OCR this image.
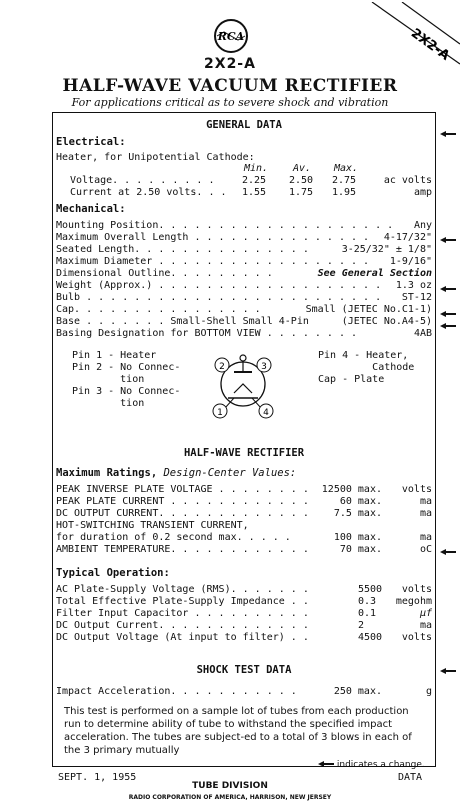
2X2-A
RCA
2X2-A
HALF-WAVE VACUUM RECTIFIER
For applications critical as to severe shock and vibration
GENERAL DATA
Electrical:
Heater, for Unipotential Cathode:
Min. Av. Max.
Voltage. . . . . . . . .	2.25 2.50 2.75	ac volts
Current at 2.50 volts. . . 1.55 1.75 1.95	amp
Mechanical:
Mounting Position. . . . . . . . . . . . . . . . . . . . Any
Maximum Overall Length . . . . . . . . . . . . . . . 4-17/32"
Seated Length. . . . . . . . . . . . . . .	3-25/32" ± 1/8"
Maximum Diameter . . . . . . . . . . . . . . . . . . 1-9/16"
Dimensional Outline. . . . . . . . .	See General Section
Weight (Approx.) . . . . . . . . . . . . . . . . . . . 1.3 oz
Bulb . . . . . . . . . . . . . . . . . . . . . . . . . ST-12
Cap. . . . . . . . . . . . . . . .	Small (JETEC No.C1-1)
Base . . . . . . . Small-Shell Small 4-Pin	(JETEC No.A4-5)
Basing Designation for BOTTOM VIEW . . . . . . . .	4AB
Pin 1 - Heater
Pin 2 - No Connec-
tion
Pin 3 - No Connec-
tion
Pin 4 - Heater,
Cathode
Cap - Plate
2	3
1	4
HALF-WAVE RECTIFIER
Maximum Ratings, Design-Center Values:
PEAK INVERSE PLATE VOLTAGE . . . . . . . . 12500 max. volts
PEAK PLATE CURRENT . . . . . . . . . . . .	60 max.	ma
DC OUTPUT CURRENT. . . . . . . . . . . . . 7.5 max.	ma
HOT-SWITCHING TRANSIENT CURRENT,
for duration of 0.2 second max. . . . .	100 max.	ma
AMBIENT TEMPERATURE. . . . . . . . . . . .	70 max.	oC
Typical Operation:
AC Plate-Supply Voltage (RMS). . . . . . .	5500 volts
Total Effective Plate-Supply Impedance . .	0.3 megohm
Filter Input Capacitor . . . . . . . . . .	0.1	µf
DC Output Current. . . . . . . . . . . . .	2	ma
DC Output Voltage (At input to filter) . .	4500 volts
SHOCK TEST DATA
Impact Acceleration. . . . . . . . . . .	250 max.	g
This test is performed on a sample lot of tubes from each production run to determine ability of tube to withstand the specified impact acceleration. The tubes are subject-ed to a total of 3 blows in each of the 3 primary mutually
indicates a change.
SEPT. 1, 1955	DATA
TUBE DIVISION
RADIO CORPORATION OF AMERICA, HARRISON, NEW JERSEY
